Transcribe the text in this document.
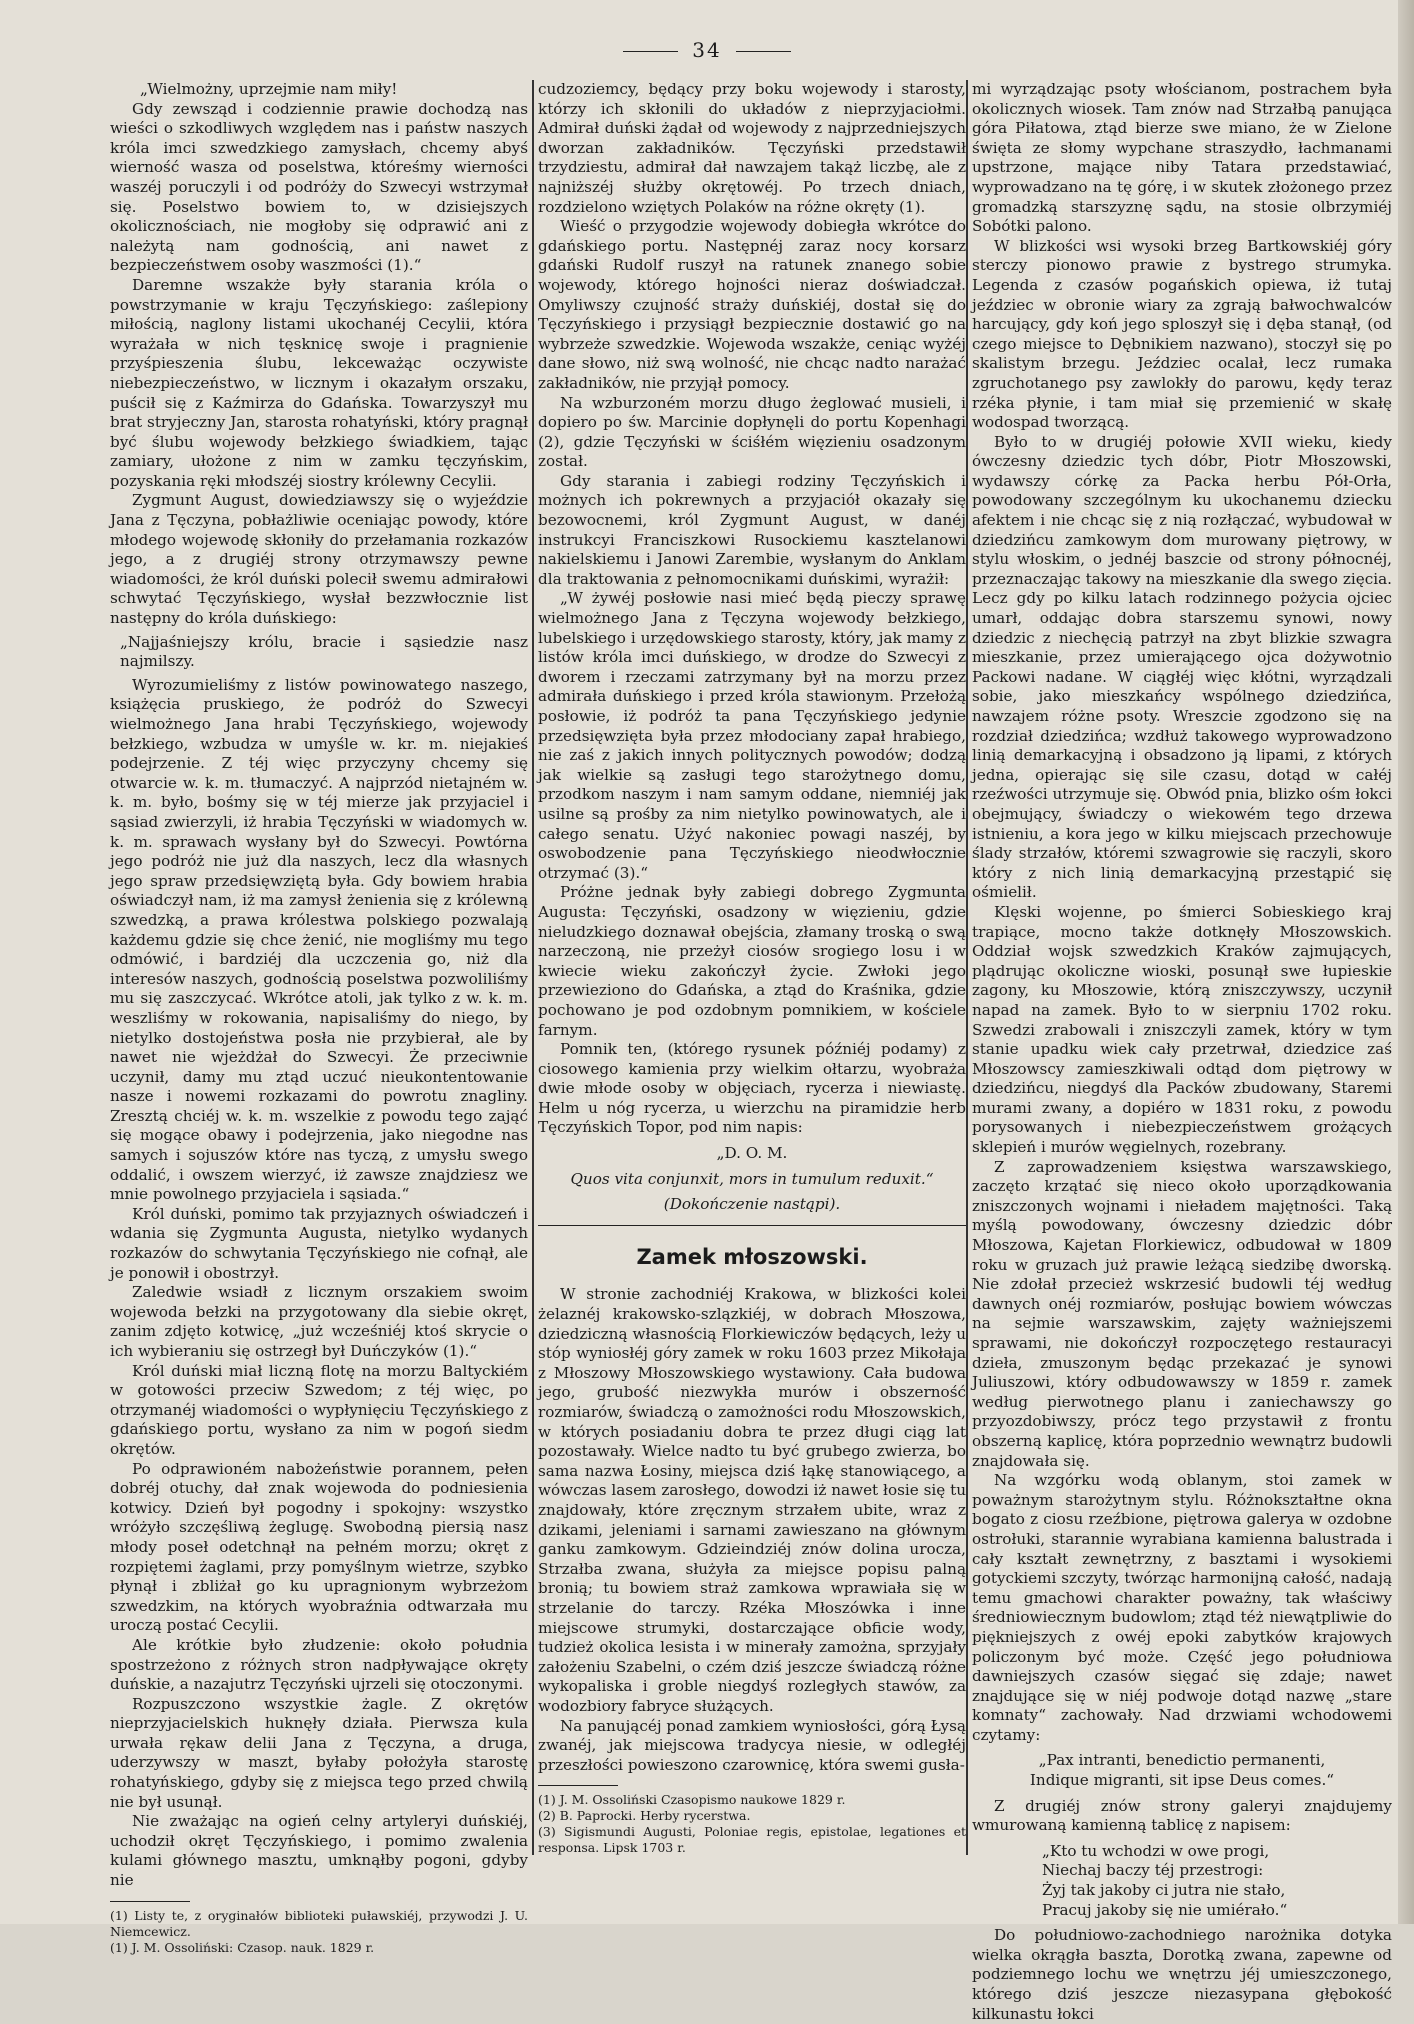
34

„Wielmożny, uprzejmie nam miły!

Gdy zewsząd i codziennie prawie dochodzą nas wieści o szkodliwych względem nas i państw naszych króla imci szwedzkiego zamysłach, chcemy abyś wierność wasza od poselstwa, któreśmy wierności waszéj poruczyli i od podróży do Szwecyi wstrzymał się. Poselstwo bowiem to, w dzisiejszych okolicznościach, nie mogłoby się odprawić ani z należytą nam godnością, ani nawet z bezpieczeństwem osoby waszmości (1).“

Daremne wszakże były starania króla o powstrzymanie w kraju Tęczyńskiego: zaślepiony miłością, naglony listami ukochanéj Cecylii, która wyrażała w nich tęsknicę swoje i pragnienie przyśpieszenia ślubu, lekceważąc oczywiste niebezpieczeństwo, w licznym i okazałym orszaku, puścił się z Kaźmirza do Gdańska. Towarzyszył mu brat stryjeczny Jan, starosta rohatyński, który pragnął być ślubu wojewody bełzkiego świadkiem, tając zamiary, ułożone z nim w zamku tęczyńskim, pozyskania ręki młodszéj siostry królewny Cecylii.

Zygmunt August, dowiedziawszy się o wyjeździe Jana z Tęczyna, pobłażliwie oceniając powody, które młodego wojewodę skłoniły do przełamania rozkazów jego, a z drugiéj strony otrzymawszy pewne wiadomości, że król duński polecił swemu admirałowi schwytać Tęczyńskiego, wysłał bezzwłocznie list następny do króla duńskiego:

„Najjaśniejszy królu, bracie i sąsiedzie nasz najmilszy.

Wyrozumieliśmy z listów powinowatego naszego, książęcia pruskiego, że podróż do Szwecyi wielmożnego Jana hrabi Tęczyńskiego, wojewody bełzkiego, wzbudza w umyśle w. kr. m. niejakieś podejrzenie. Z téj więc przyczyny chcemy się otwarcie w. k. m. tłumaczyć. A najprzód nietajném w. k. m. było, bośmy się w téj mierze jak przyjaciel i sąsiad zwierzyli, iż hrabia Tęczyński w wiadomych w. k. m. sprawach wysłany był do Szwecyi. Powtórna jego podróż nie już dla naszych, lecz dla własnych jego spraw przedsięwziętą była. Gdy bowiem hrabia oświadczył nam, iż ma zamysł żenienia się z królewną szwedzką, a prawa królestwa polskiego pozwalają każdemu gdzie się chce żenić, nie mogliśmy mu tego odmówić, i bardziéj dla uczczenia go, niż dla interesów naszych, godnością poselstwa pozwoliliśmy mu się zaszczycać. Wkrótce atoli, jak tylko z w. k. m. weszliśmy w rokowania, napisaliśmy do niego, by nietylko dostojeństwa posła nie przybierał, ale by nawet nie wjeżdżał do Szwecyi. Że przeciwnie uczynił, damy mu ztąd uczuć nieukontentowanie nasze i nowemi rozkazami do powrotu znagliny. Zresztą chciéj w. k. m. wszelkie z powodu tego zająć się mogące obawy i podejrzenia, jako niegodne nas samych i sojuszów które nas tyczą, z umysłu swego oddalić, i owszem wierzyć, iż zawsze znajdziesz we mnie powolnego przyjaciela i sąsiada.“

Król duński, pomimo tak przyjaznych oświadczeń i wdania się Zygmunta Augusta, nietylko wydanych rozkazów do schwytania Tęczyńskiego nie cofnął, ale je ponowił i obostrzył.

Zaledwie wsiadł z licznym orszakiem swoim wojewoda bełzki na przygotowany dla siebie okręt, zanim zdjęto kotwicę, „już wcześniéj ktoś skrycie o ich wybieraniu się ostrzegł był Duńczyków (1).“

Król duński miał liczną flotę na morzu Baltyckiém w gotowości przeciw Szwedom; z téj więc, po otrzymanéj wiadomości o wypłynięciu Tęczyńskiego z gdańskiego portu, wysłano za nim w pogoń siedm okrętów.

Po odprawioném nabożeństwie porannem, pełen dobréj otuchy, dał znak wojewoda do podniesienia kotwicy. Dzień był pogodny i spokojny: wszystko wróżyło szczęśliwą żeglugę. Swobodną piersią nasz młody poseł odetchnął na pełném morzu; okręt z rozpiętemi żaglami, przy pomyślnym wietrze, szybko płynął i zbliżał go ku upragnionym wybrzeżom szwedzkim, na których wyobraźnia odtwarzała mu uroczą postać Cecylii.

Ale krótkie było złudzenie: około południa spostrzeżono z różnych stron nadpływające okręty duńskie, a nazajutrz Tęczyński ujrzeli się otoczonymi.

Rozpuszczono wszystkie żagle. Z okrętów nieprzyjacielskich huknęły działa. Pierwsza kula urwała rękaw delii Jana z Tęczyna, a druga, uderzywszy w maszt, byłaby położyła starostę rohatyńskiego, gdyby się z miejsca tego przed chwilą nie był usunął.

Nie zważając na ogień celny artyleryi duńskiéj, uchodził okręt Tęczyńskiego, i pomimo zwalenia kulami głównego masztu, umknąłby pogoni, gdyby nie

(1) Listy te, z oryginałów biblioteki puławskiéj, przywodzi J. U. Niemcewicz.

(1) J. M. Ossoliński: Czasop. nauk. 1829 r.

cudzoziemcy, będący przy boku wojewody i starosty, którzy ich skłonili do układów z nieprzyjaciołmi. Admirał duński żądał od wojewody z najprzedniejszych dworzan zakładników. Tęczyński przedstawił trzydziestu, admirał dał nawzajem takąż liczbę, ale z najniższéj służby okrętowéj. Po trzech dniach, rozdzielono wziętych Polaków na różne okręty (1).

Wieść o przygodzie wojewody dobiegła wkrótce do gdańskiego portu. Następnéj zaraz nocy korsarz gdański Rudolf ruszył na ratunek znanego sobie wojewody, którego hojności nieraz doświadczał. Omyliwszy czujność straży duńskiéj, dostał się do Tęczyńskiego i przysiągł bezpiecznie dostawić go na wybrzeże szwedzkie. Wojewoda wszakże, ceniąc wyżéj dane słowo, niż swą wolność, nie chcąc nadto narażać zakładników, nie przyjął pomocy.

Na wzburzoném morzu długo żeglować musieli, i dopiero po św. Marcinie dopłynęli do portu Kopenhagi (2), gdzie Tęczyński w ściśłém więzieniu osadzonym został.

Gdy starania i zabiegi rodziny Tęczyńskich i możnych ich pokrewnych a przyjaciół okazały się bezowocnemi, król Zygmunt August, w danéj instrukcyi Franciszkowi Rusockiemu kasztelanowi nakielskiemu i Janowi Zarembie, wysłanym do Anklam dla traktowania z pełnomocnikami duńskimi, wyrażił:

„W żywéj posłowie nasi mieć będą pieczy sprawę wielmożnego Jana z Tęczyna wojewody bełzkiego, lubelskiego i urzędowskiego starosty, który, jak mamy z listów króla imci duńskiego, w drodze do Szwecyi z dworem i rzeczami zatrzymany był na morzu przez admirała duńskiego i przed króla stawionym. Przełożą posłowie, iż podróż ta pana Tęczyńskiego jedynie przedsięwzięta była przez młodociany zapał hrabiego, nie zaś z jakich innych politycznych powodów; dodzą jak wielkie są zasługi tego starożytnego domu, przodkom naszym i nam samym oddane, niemniéj jak usilne są prośby za nim nietylko powinowatych, ale i całego senatu. Użyć nakoniec powagi naszéj, by oswobodzenie pana Tęczyńskiego nieodwłocznie otrzymać (3).“

Próżne jednak były zabiegi dobrego Zygmunta Augusta: Tęczyński, osadzony w więzieniu, gdzie nieludzkiego doznawał obejścia, złamany troską o swą narzeczoną, nie przeżył ciosów srogiego losu i w kwiecie wieku zakończył życie. Zwłoki jego przewieziono do Gdańska, a ztąd do Kraśnika, gdzie pochowano je pod ozdobnym pomnikiem, w kościele farnym.

Pomnik ten, (którego rysunek późniéj podamy) z ciosowego kamienia przy wielkim ołtarzu, wyobraża dwie młode osoby w objęciach, rycerza i niewiastę. Helm u nóg rycerza, u wierzchu na piramidzie herb Tęczyńskich Topor, pod nim napis:

„D. O. M.

Quos vita conjunxit, mors in tumulum reduxit.“

(Dokończenie nastąpi).

Zamek młoszowski.

W stronie zachodniéj Krakowa, w blizkości kolei żelaznéj krakowsko-szlązkiéj, w dobrach Młoszowa, dziedziczną własnością Florkiewiczów będących, leży u stóp wyniosłéj góry zamek w roku 1603 przez Mikołaja z Młoszowy Młoszowskiego wystawiony. Cała budowa jego, grubość niezwykła murów i obszerność rozmiarów, świadczą o zamożności rodu Młoszowskich, w których posiadaniu dobra te przez długi ciąg lat pozostawały. Wielce nadto tu być grubego zwierza, bo sama nazwa Łosiny, miejsca dziś łąkę stanowiącego, a wówczas lasem zarosłego, dowodzi iż nawet łosie się tu znajdowały, które zręcznym strzałem ubite, wraz z dzikami, jeleniami i sarnami zawieszano na głównym ganku zamkowym. Gdzieindziéj znów dolina urocza, Strzałba zwana, służyła za miejsce popisu palną bronią; tu bowiem straż zamkowa wprawiała się w strzelanie do tarczy. Rzéka Młoszówka i inne miejscowe strumyki, dostarczające obficie wody, tudzież okolica lesista i w minerały zamożna, sprzyjały założeniu Szabelni, o czém dziś jeszcze świadczą różne wykopaliska i groble niegdyś rozległych stawów, za wodozbiory fabryce służących.

Na panującéj ponad zamkiem wyniosłości, górą Łysą zwanéj, jak miejscowa tradycya niesie, w odległéj przeszłości powieszono czarownicę, która swemi gusła-

(1) J. M. Ossoliński Czasopismo naukowe 1829 r.

(2) B. Paprocki. Herby rycerstwa.

(3) Sigismundi Augusti, Poloniae regis, epistolae, legationes et responsa. Lipsk 1703 r.

mi wyrządzając psoty włościanom, postrachem była okolicznych wiosek. Tam znów nad Strzałbą panująca góra Piłatowa, ztąd bierze swe miano, że w Zielone święta ze słomy wypchane straszydło, łachmanami upstrzone, mające niby Tatara przedstawiać, wyprowadzano na tę górę, i w skutek złożonego przez gromadzką starszyznę sądu, na stosie olbrzymiéj Sobótki palono.

W blizkości wsi wysoki brzeg Bartkowskiéj góry sterczy pionowo prawie z bystrego strumyka. Legenda z czasów pogańskich opiewa, iż tutaj jeździec w obronie wiary za zgrają bałwochwalców harcujący, gdy koń jego sploszył się i dęba stanął, (od czego miejsce to Dębnikiem nazwano), stoczył się po skalistym brzegu. Jeździec ocalał, lecz rumaka zgruchotanego psy zawlokły do parowu, kędy teraz rzéka płynie, i tam miał się przemienić w skałę wodospad tworzącą.

Było to w drugiéj połowie XVII wieku, kiedy ówczesny dziedzic tych dóbr, Piotr Młoszowski, wydawszy córkę za Packa herbu Pół-Orła, powodowany szczególnym ku ukochanemu dziecku afektem i nie chcąc się z nią rozłączać, wybudował w dziedzińcu zamkowym dom murowany piętrowy, w stylu włoskim, o jednéj baszcie od strony północnéj, przeznaczając takowy na mieszkanie dla swego zięcia. Lecz gdy po kilku latach rodzinnego pożycia ojciec umarł, oddając dobra starszemu synowi, nowy dziedzic z niechęcią patrzył na zbyt blizkie szwagra mieszkanie, przez umierającego ojca dożywotnio Packowi nadane. W ciągłéj więc kłótni, wyrządzali sobie, jako mieszkańcy wspólnego dziedzińca, nawzajem różne psoty. Wreszcie zgodzono się na rozdział dziedzińca; wzdłuż takowego wyprowadzono linią demarkacyjną i obsadzono ją lipami, z których jedna, opierając się sile czasu, dotąd w całéj rzeźwości utrzymuje się. Obwód pnia, blizko ośm łokci obejmujący, świadczy o wiekowém tego drzewa istnieniu, a kora jego w kilku miejscach przechowuje ślady strzałów, któremi szwagrowie się raczyli, skoro który z nich linią demarkacyjną przestąpić się ośmielił.

Klęski wojenne, po śmierci Sobieskiego kraj trapiące, mocno także dotknęły Młoszowskich. Oddział wojsk szwedzkich Kraków zajmujących, plądrując okoliczne wioski, posunął swe łupieskie zagony, ku Młoszowie, którą zniszczywszy, uczynił napad na zamek. Było to w sierpniu 1702 roku. Szwedzi zrabowali i zniszczyli zamek, który w tym stanie upadku wiek cały przetrwał, dziedzice zaś Młoszowscy zamieszkiwali odtąd dom piętrowy w dziedzińcu, niegdyś dla Packów zbudowany, Staremi murami zwany, a dopiéro w 1831 roku, z powodu porysowanych i niebezpieczeństwem grożących sklepień i murów węgielnych, rozebrany.

Z zaprowadzeniem księstwa warszawskiego, zaczęto krzątać się nieco około uporządkowania zniszczonych wojnami i nieładem majętności. Taką myślą powodowany, ówczesny dziedzic dóbr Młoszowa, Kajetan Florkiewicz, odbudował w 1809 roku w gruzach już prawie leżącą siedzibę dworską. Nie zdołał przecież wskrzesić budowli téj według dawnych onéj rozmiarów, posłując bowiem wówczas na sejmie warszawskim, zajęty ważniejszemi sprawami, nie dokończył rozpoczętego restauracyi dzieła, zmuszonym będąc przekazać je synowi Juliuszowi, który odbudowawszy w 1859 r. zamek według pierwotnego planu i zaniechawszy go przyozdobiwszy, prócz tego przystawił z frontu obszerną kaplicę, która poprzednio wewnątrz budowli znajdowała się.

Na wzgórku wodą oblanym, stoi zamek w poważnym starożytnym stylu. Różnokształtne okna bogato z ciosu rzeźbione, piętrowa galerya w ozdobne ostrołuki, starannie wyrabiana kamienna balustrada i cały kształt zewnętrzny, z basztami i wysokiemi gotyckiemi szczyty, twórząc harmonijną całość, nadają temu gmachowi charakter poważny, tak właściwy średniowiecznym budowlom; ztąd téż niewątpliwie do piękniejszych z owéj epoki zabytków krajowych policzonym być może. Część jego południowa dawniejszych czasów sięgać się zdaje; nawet znajdujące się w niéj podwoje dotąd nazwę „stare komnaty“ zachowały. Nad drzwiami wchodowemi czytamy:

„Pax intranti, benedictio permanenti,

Indique migranti, sit ipse Deus comes.“

Z drugiéj znów strony galeryi znajdujemy wmurowaną kamienną tablicę z napisem:

„Kto tu wchodzi w owe progi,

Niechaj baczy téj przestrogi:

Żyj tak jakoby ci jutra nie stało,

Pracuj jakoby się nie umiérało.“

Do południowo-zachodniego narożnika dotyka wielka okrągła baszta, Dorotką zwana, zapewne od podziemnego lochu we wnętrzu jéj umieszczonego, którego dziś jeszcze niezasypana głębokość kilkunastu łokci
